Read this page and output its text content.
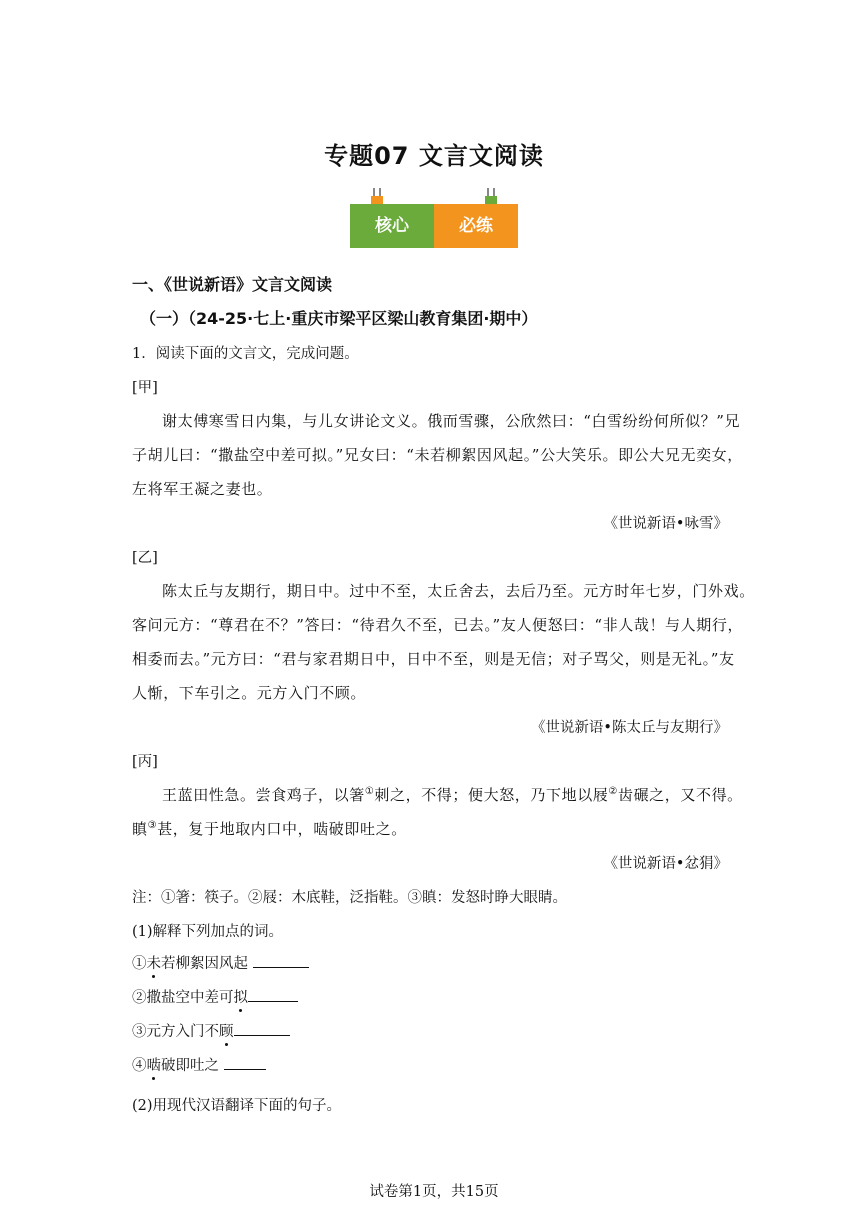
专题07 文言文阅读
核心	必练
一、《世说新语》文言文阅读
（一）（24-25·七上·重庆市梁平区梁山教育集团·期中）
1．阅读下面的文言文，完成问题。
[甲]
谢太傅寒雪日内集，与儿女讲论文义。俄而雪骤，公欣然曰：“白雪纷纷何所似？”兄
子胡儿曰：“撒盐空中差可拟。”兄女曰：“未若柳絮因风起。”公大笑乐。即公大兄无奕女，
左将军王凝之妻也。
《世说新语•咏雪》
[乙]
陈太丘与友期行，期日中。过中不至，太丘舍去，去后乃至。元方时年七岁，门外戏。
客问元方：“尊君在不？”答曰：“待君久不至，已去。”友人便怒曰：“非人哉！与人期行，
相委而去。”元方曰：“君与家君期日中，日中不至，则是无信；对子骂父，则是无礼。”友
人惭，下车引之。元方入门不顾。
《世说新语•陈太丘与友期行》
[丙]
王蓝田性急。尝食鸡子，以箸①刺之，不得；便大怒，乃下地以屐②齿碾之，又不得。
瞋③甚，复于地取内口中，啮破即吐之。
《世说新语•忿狷》
注：①箸：筷子。②屐：木底鞋，泛指鞋。③瞋：发怒时睁大眼睛。
(1)解释下列加点的词。
①未若柳絮因风起
②撒盐空中差可拟
③元方入门不顾
④啮破即吐之
(2)用现代汉语翻译下面的句子。
试卷第1页，共15页
